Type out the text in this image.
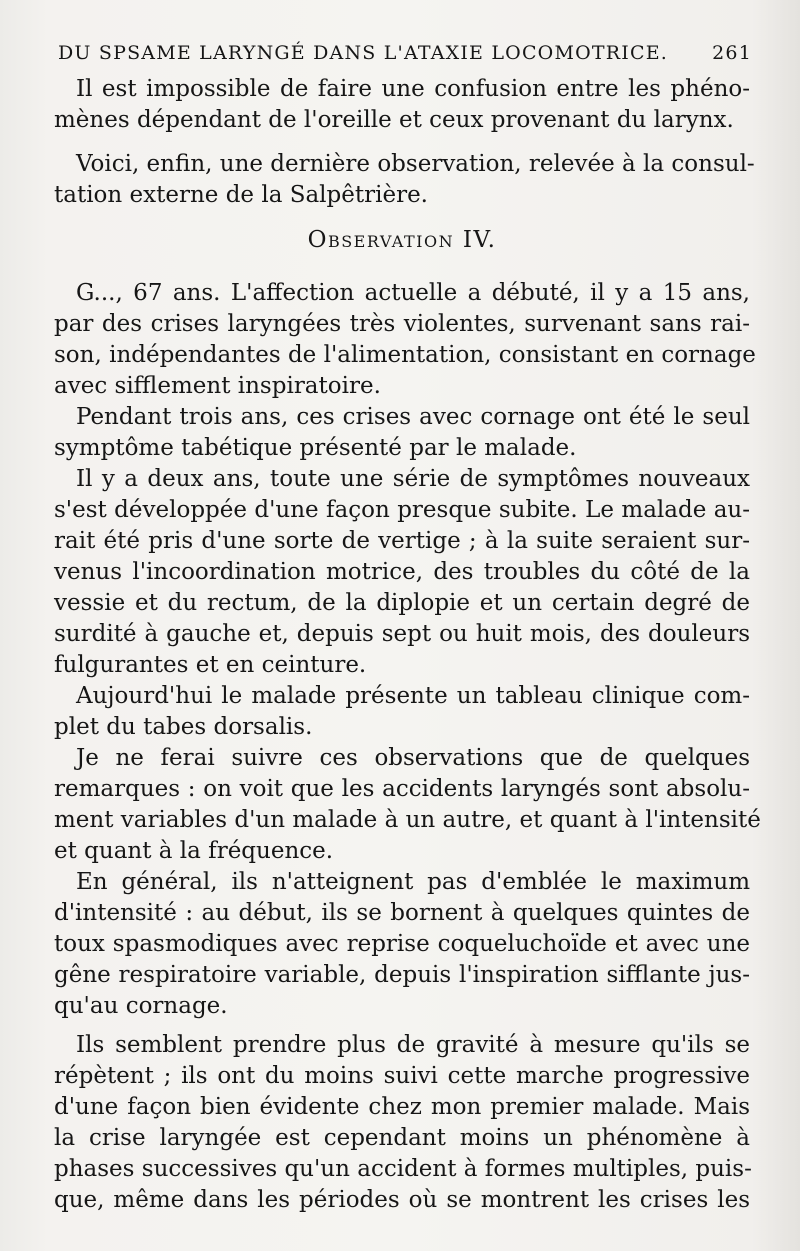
DU SPSAME LARYNGÉ DANS L'ATAXIE LOCOMOTRICE. 261

Il est impossible de faire une confusion entre les phéno-
mènes dépendant de l'oreille et ceux provenant du larynx.

Voici, enfin, une dernière observation, relevée à la consul-
tation externe de la Salpêtrière.

Observation IV.

G..., 67 ans. L'affection actuelle a débuté, il y a 15 ans,
par des crises laryngées très violentes, survenant sans rai-
son, indépendantes de l'alimentation, consistant en cornage
avec sifflement inspiratoire.

Pendant trois ans, ces crises avec cornage ont été le seul
symptôme tabétique présenté par le malade.

Il y a deux ans, toute une série de symptômes nouveaux
s'est développée d'une façon presque subite. Le malade au-
rait été pris d'une sorte de vertige ; à la suite seraient sur-
venus l'incoordination motrice, des troubles du côté de la
vessie et du rectum, de la diplopie et un certain degré de
surdité à gauche et, depuis sept ou huit mois, des douleurs
fulgurantes et en ceinture.

Aujourd'hui le malade présente un tableau clinique com-
plet du tabes dorsalis.

Je ne ferai suivre ces observations que de quelques
remarques : on voit que les accidents laryngés sont absolu-
ment variables d'un malade à un autre, et quant à l'intensité
et quant à la fréquence.

En général, ils n'atteignent pas d'emblée le maximum
d'intensité : au début, ils se bornent à quelques quintes de
toux spasmodiques avec reprise coqueluchoïde et avec une
gêne respiratoire variable, depuis l'inspiration sifflante jus-
qu'au cornage.

Ils semblent prendre plus de gravité à mesure qu'ils se
répètent ; ils ont du moins suivi cette marche progressive
d'une façon bien évidente chez mon premier malade. Mais
la crise laryngée est cependant moins un phénomène à
phases successives qu'un accident à formes multiples, puis-
que, même dans les périodes où se montrent les crises les
